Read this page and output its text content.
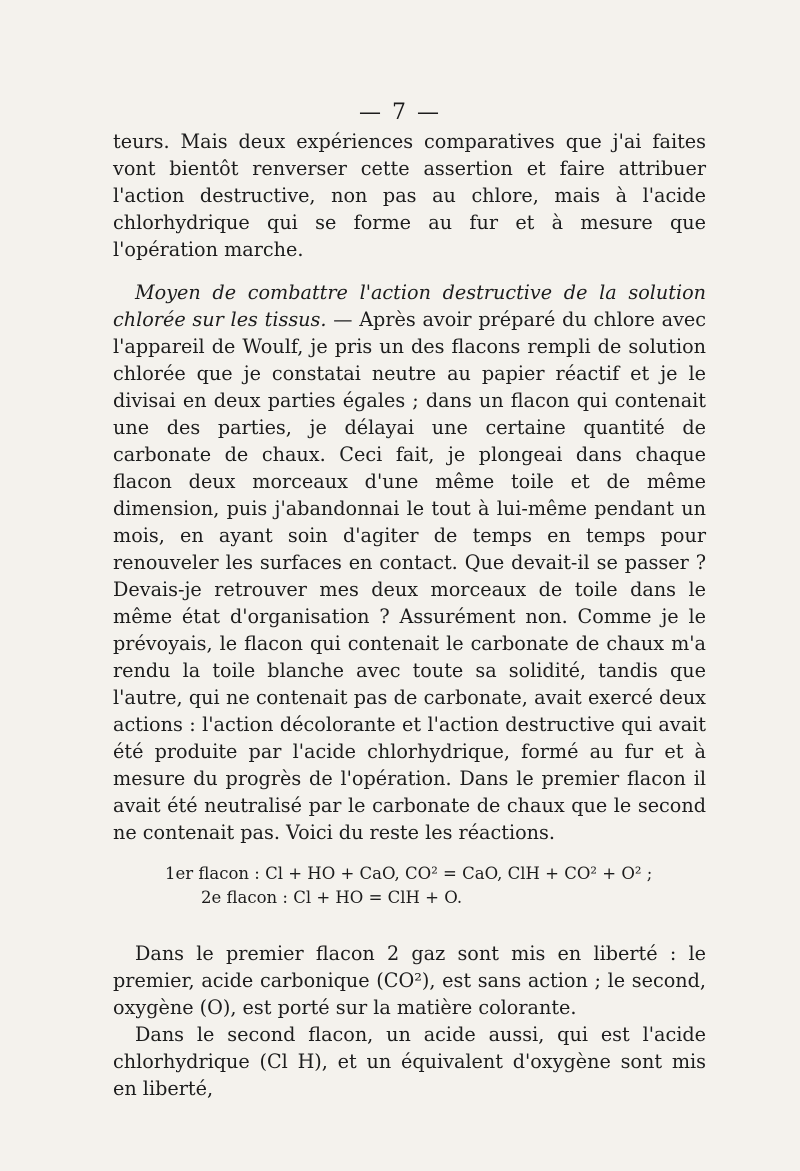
— 7 —

teurs. Mais deux expériences comparatives que j'ai faites vont bientôt renverser cette assertion et faire attribuer l'action destructive, non pas au chlore, mais à l'acide chlorhydrique qui se forme au fur et à mesure que l'opération marche.

Moyen de combattre l'action destructive de la solution chlorée sur les tissus. — Après avoir préparé du chlore avec l'appareil de Woulf, je pris un des flacons rempli de solution chlorée que je constatai neutre au papier réactif et je le divisai en deux parties égales ; dans un flacon qui contenait une des parties, je délayai une certaine quantité de carbonate de chaux. Ceci fait, je plongeai dans chaque flacon deux morceaux d'une même toile et de même dimension, puis j'abandonnai le tout à lui-même pendant un mois, en ayant soin d'agiter de temps en temps pour renouveler les surfaces en contact. Que devait-il se passer ? Devais-je retrouver mes deux morceaux de toile dans le même état d'organisation ? Assurément non. Comme je le prévoyais, le flacon qui contenait le carbonate de chaux m'a rendu la toile blanche avec toute sa solidité, tandis que l'autre, qui ne contenait pas de carbonate, avait exercé deux actions : l'action décolorante et l'action destructive qui avait été produite par l'acide chlorhydrique, formé au fur et à mesure du progrès de l'opération. Dans le premier flacon il avait été neutralisé par le carbonate de chaux que le second ne contenait pas. Voici du reste les réactions.

1er flacon : Cl + HO + CaO, CO² = CaO, ClH + CO² + O² ;
2e flacon : Cl + HO = ClH + O.

Dans le premier flacon 2 gaz sont mis en liberté : le premier, acide carbonique (CO²), est sans action ; le second, oxygène (O), est porté sur la matière colorante.

Dans le second flacon, un acide aussi, qui est l'acide chlorhydrique (Cl H), et un équivalent d'oxygène sont mis en liberté,
